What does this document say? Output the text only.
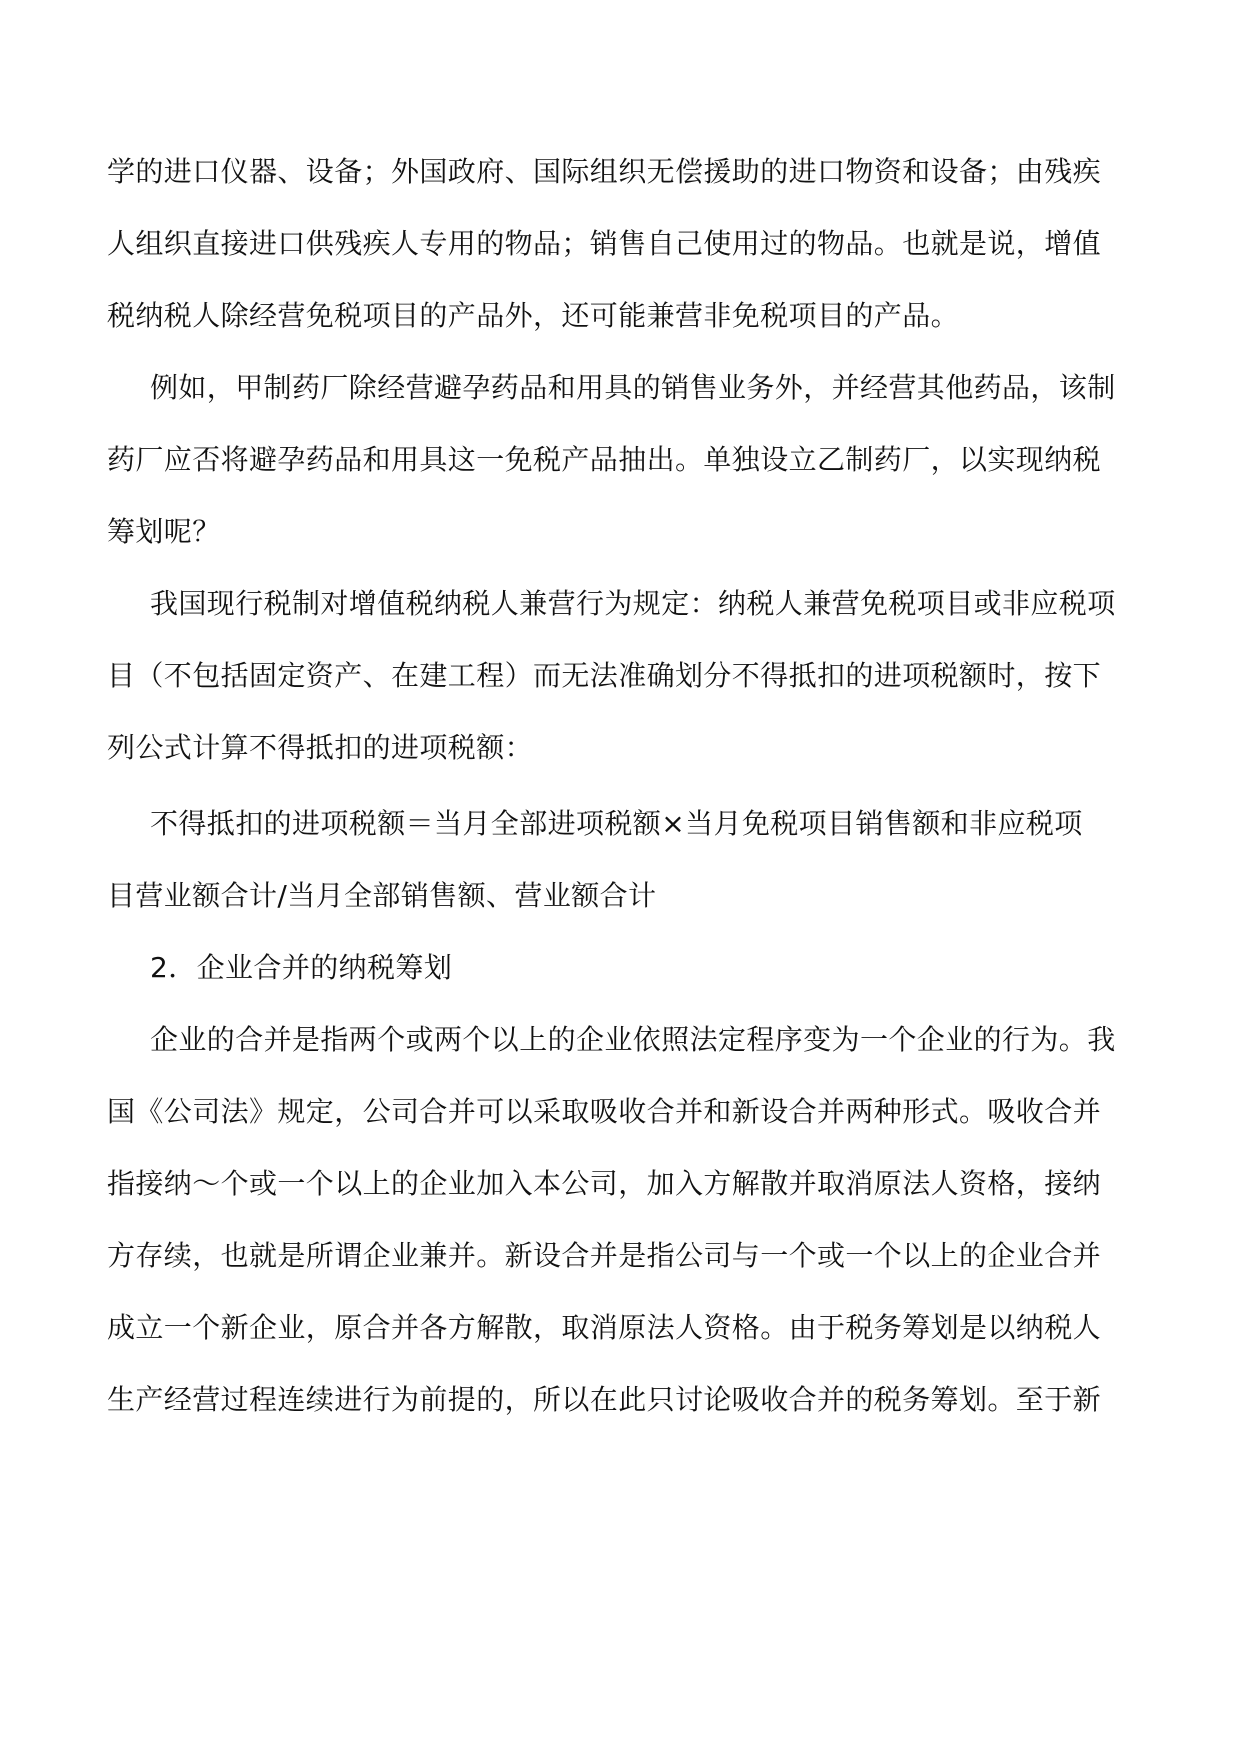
学的进口仪器、设备；外国政府、国际组织无偿援助的进口物资和设备；由残疾

人组织直接进口供残疾人专用的物品；销售自己使用过的物品。也就是说，增值

税纳税人除经营免税项目的产品外，还可能兼营非免税项目的产品。

例如，甲制药厂除经营避孕药品和用具的销售业务外，并经营其他药品，该制

药厂应否将避孕药品和用具这一免税产品抽出。单独设立乙制药厂，以实现纳税

筹划呢？

我国现行税制对增值税纳税人兼营行为规定：纳税人兼营免税项目或非应税项

目（不包括固定资产、在建工程）而无法准确划分不得抵扣的进项税额时，按下

列公式计算不得抵扣的进项税额：

不得抵扣的进项税额＝当月全部进项税额×当月免税项目销售额和非应税项

目营业额合计/当月全部销售额、营业额合计

2．企业合并的纳税筹划

企业的合并是指两个或两个以上的企业依照法定程序变为一个企业的行为。我

国《公司法》规定，公司合并可以采取吸收合并和新设合并两种形式。吸收合并

指接纳～个或一个以上的企业加入本公司，加入方解散并取消原法人资格，接纳

方存续，也就是所谓企业兼并。新设合并是指公司与一个或一个以上的企业合并

成立一个新企业，原合并各方解散，取消原法人资格。由于税务筹划是以纳税人

生产经营过程连续进行为前提的，所以在此只讨论吸收合并的税务筹划。至于新
